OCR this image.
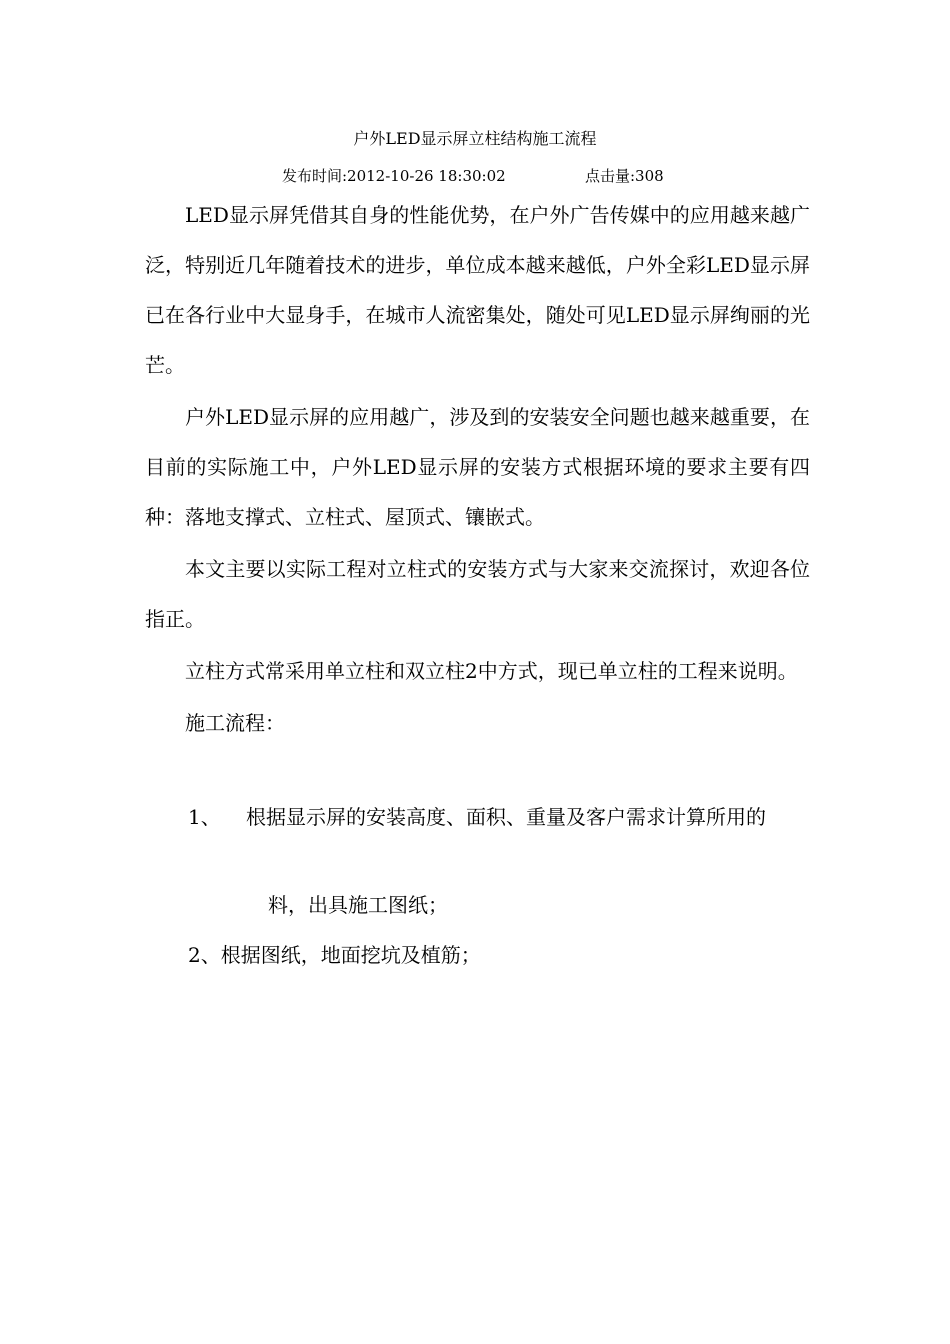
户外LED显示屏立柱结构施工流程
发布时间:2012-10-26 18:30:02	点击量:308

LED显示屏凭借其自身的性能优势，在户外广告传媒中的应用越来越广泛，特别近几年随着技术的进步，单位成本越来越低，户外全彩LED显示屏已在各行业中大显身手，在城市人流密集处，随处可见LED显示屏绚丽的光芒。

户外LED显示屏的应用越广，涉及到的安装安全问题也越来越重要，在目前的实际施工中，户外LED显示屏的安装方式根据环境的要求主要有四种：落地支撑式、立柱式、屋顶式、镶嵌式。

本文主要以实际工程对立柱式的安装方式与大家来交流探讨，欢迎各位指正。

立柱方式常采用单立柱和双立柱2中方式，现已单立柱的工程来说明。

施工流程：

1、 根据显示屏的安装高度、面积、重量及客户需求计算所用的
料，出具施工图纸；
2、根据图纸，地面挖坑及植筋；
